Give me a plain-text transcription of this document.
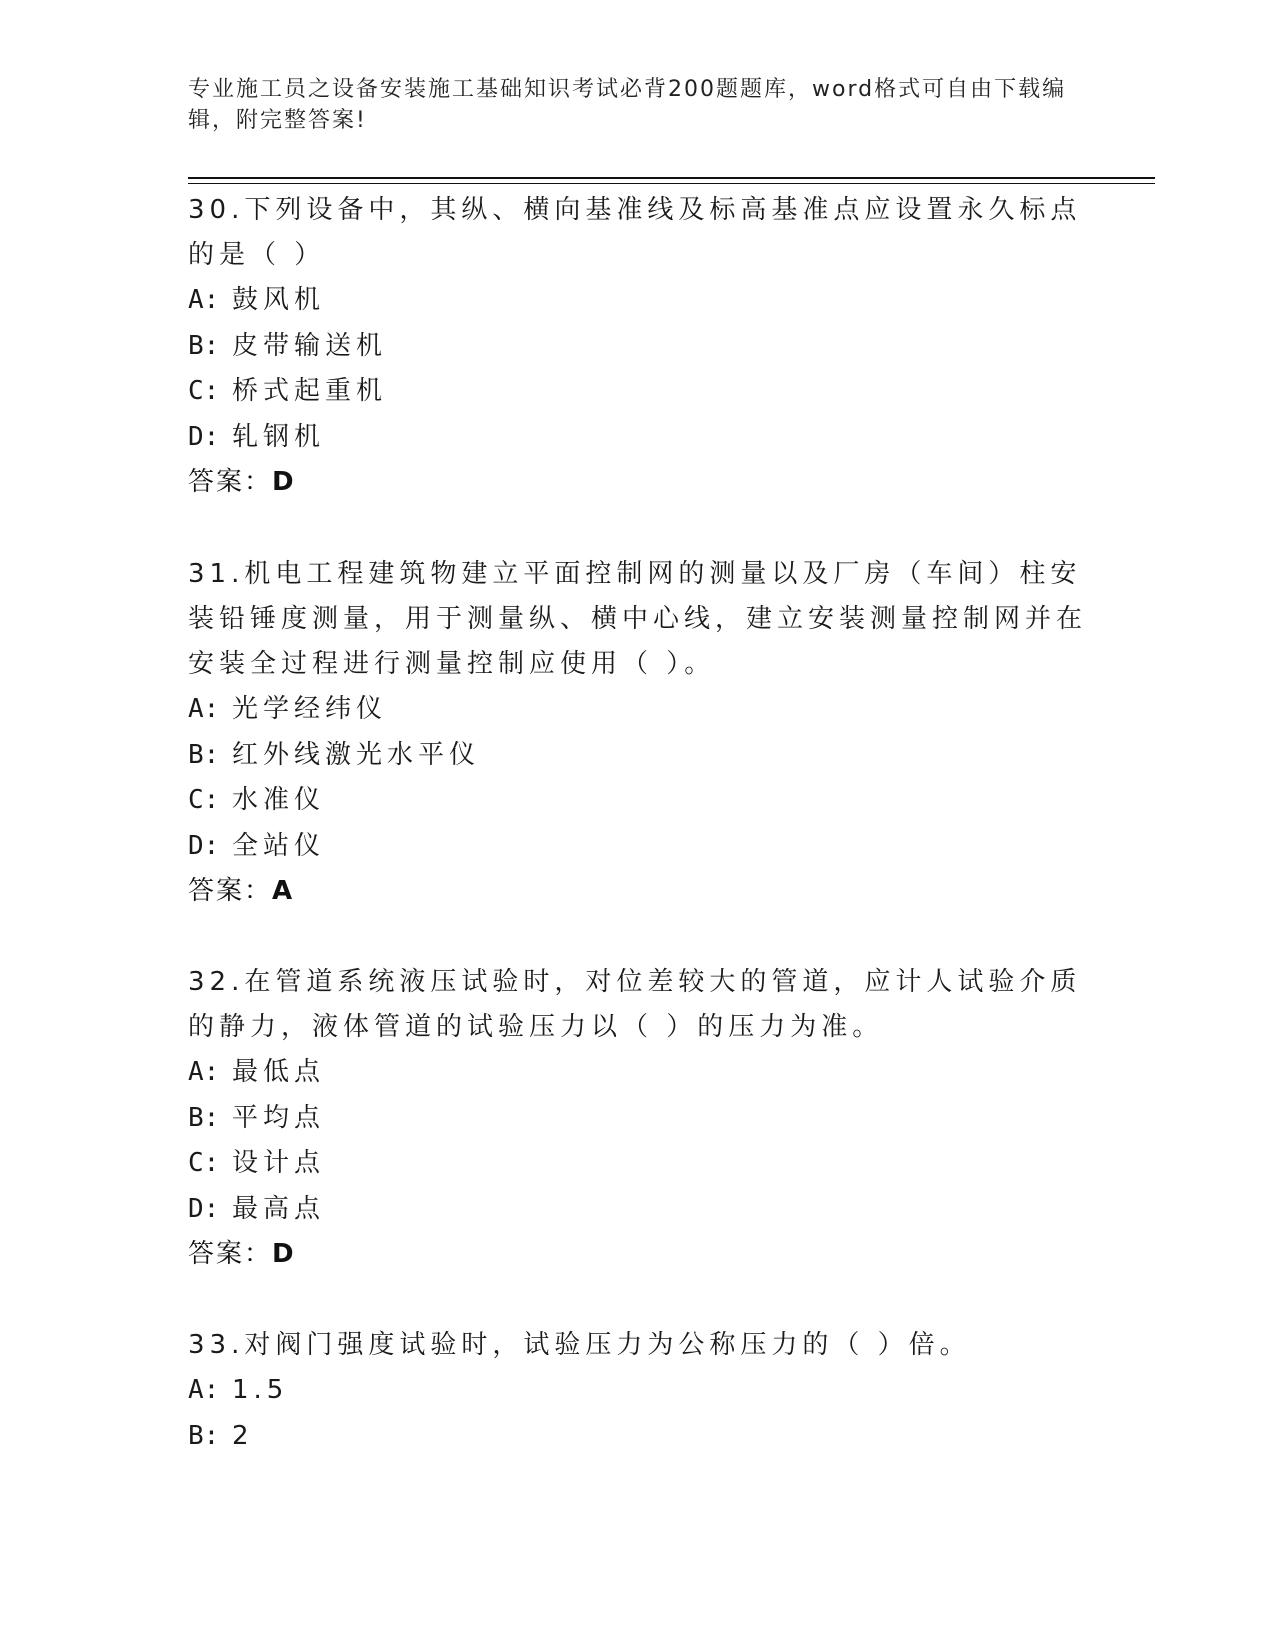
专业施工员之设备安装施工基础知识考试必背200题题库，word格式可自由下载编辑，附完整答案!

30.下列设备中，其纵、横向基准线及标高基准点应设置永久标点的是（ ）

A: 鼓风机

B: 皮带输送机

C: 桥式起重机

D: 轧钢机

答案：D

31.机电工程建筑物建立平面控制网的测量以及厂房（车间）柱安装铅锤度测量，用于测量纵、横中心线，建立安装测量控制网并在安装全过程进行测量控制应使用（ ）。

A: 光学经纬仪

B: 红外线激光水平仪

C: 水准仪

D: 全站仪

答案：A

32.在管道系统液压试验时，对位差较大的管道，应计人试验介质的静力，液体管道的试验压力以（ ）的压力为准。

A: 最低点

B: 平均点

C: 设计点

D: 最高点

答案：D

33.对阀门强度试验时，试验压力为公称压力的（ ）倍。

A: 1.5

B: 2
